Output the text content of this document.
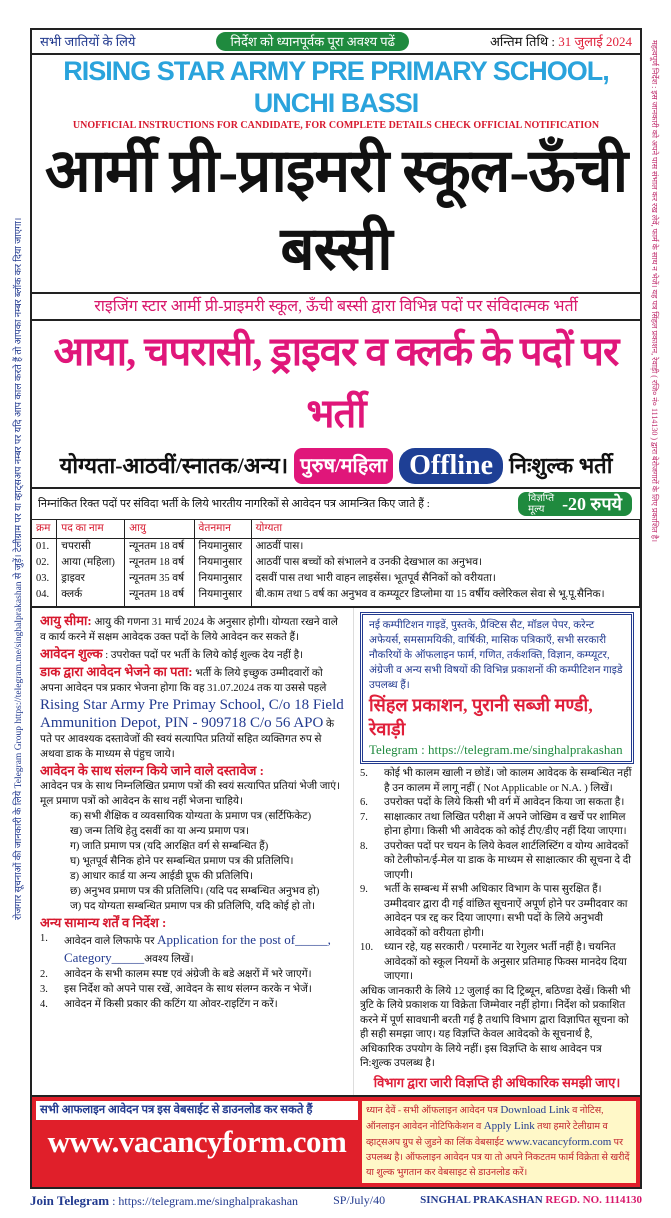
रोजगार सूचनाओं की जानकारी के लिये Telegram Group https://telegram.me/singhalprakashan से जुड़ें। टेलीग्राम पर या व्हाट्सअप नम्बर पर यदि आप काल करते हैं तो आपका नम्बर ब्लॉक कर दिया जाएगा।	महत्वपूर्ण निर्देश : इस जानकारी को अपने पास संभाल कर रख लेवें, फार्म के साथ न भेजें। यह पत्र सिंहल प्रकाशन, रेवाड़ी ( रजि० नं० 1114130 ) द्वारा बेरोजगारों के लिए प्रकाशित है।
सभी जातियों के लिये	निर्देश को ध्यानपूर्वक पूरा अवश्य पढें	अन्तिम तिथि : 31 जुलाई 2024
RISING STAR ARMY PRE PRIMARY SCHOOL, UNCHI BASSI
UNOFFICIAL INSTRUCTIONS FOR CANDIDATE, FOR COMPLETE DETAILS CHECK OFFICIAL NOTIFICATION
आर्मी प्री-प्राइमरी स्कूल-ऊँची बस्सी
राइजिंग स्टार आर्मी प्री-प्राइमरी स्कूल, ऊँची बस्सी द्वारा विभिन्न पदों पर संविदात्मक भर्ती
आया, चपरासी, ड्राइवर व क्लर्क के पदों पर भर्ती
योग्यता-आठवीं/स्नातक/अन्य। पुरुष/महिला Offline निःशुल्क भर्ती
निम्नांकित रिक्त पदों पर संविदा भर्ती के लिये भारतीय नागरिकों से आवेदन पत्र आमन्त्रित किए जाते हैं :	विज्ञप्ति
मूल्य -20 रुपये
क्रम	पद का नाम	आयु	वेतनमान	योग्यता
01.	चपरासी	न्यूनतम 18 वर्ष	नियमानुसार	आठवीं पास।
02.	आया (महिला)	न्यूनतम 18 वर्ष	नियमानुसार	आठवीं पास बच्चों को संभालने व उनकी देखभाल का अनुभव।
03.	ड्राइवर	न्यूनतम 35 वर्ष	नियमानुसार	दसवीं पास तथा भारी वाहन लाइसेंस। भूतपूर्व सैनिकों को वरीयता।
04.	क्लर्क	न्यूनतम 18 वर्ष	नियमानुसार	बी.काम तथा 5 वर्ष का अनुभव व कम्प्यूटर डिप्लोमा या 15 वर्षीय क्लेरिकल सेवा से भू.पू.सैनिक।

आयु सीमा: आयु की गणना 31 मार्च 2024 के अनुसार होगी। योग्यता रखने वाले व कार्य करने में सक्षम आवेदक उक्त पदों के लिये आवेदन कर सकते हैं।

आवेदन शुल्क : उपरोक्त पदों पर भर्ती के लिये कोई शुल्क देय नहीं है।

डाक द्वारा आवेदन भेजने का पता: भर्ती के लिये इच्छुक उम्मीदवारों को अपना आवेदन पत्र प्रकार भेजना होगा कि वह 31.07.2024 तक या उससे पहले Rising Star Army Pre Primay School, C/o 18 Field Ammunition Depot, PIN - 909718 C/o 56 APO के पते पर आवश्यक दस्तावेजों की स्वयं सत्यापित प्रतियों सहित व्यक्तिगत रुप से अथवा डाक के माध्यम से पंहुच जाये।

आवेदन के साथ संलग्न किये जाने वाले दस्तावेज :

आवेदन पत्र के साथ निम्नलिखित प्रमाण पत्रों की स्वयं सत्यापित प्रतियां भेजी जाएं। मूल प्रमाण पत्रों को आवेदन के साथ नहीं भेजना चाहिये।

क) सभी शैक्षिक व व्यवसायिक योग्यता के प्रमाण पत्र (सर्टिफिकेट)
ख) जन्म तिथि हेतु दसवीं का या अन्य प्रमाण पत्र।
ग) जाति प्रमाण पत्र (यदि आरक्षित वर्ग से सम्बन्धित हैं)
घ) भूतपूर्व सैनिक होने पर सम्बन्धित प्रमाण पत्र की प्रतिलिपि।
ड) आधार कार्ड या अन्य आईडी प्रूफ की प्रतिलिपि।
छ) अनुभव प्रमाण पत्र की प्रतिलिपि। (यदि पद सम्बन्धित अनुभव हो)
ज) पद योग्यता सम्बन्धित प्रमाण पत्र की प्रतिलिपि, यदि कोई हो तो।

अन्य सामान्य शर्तें व निर्देश :

1.	आवेदन वाले लिफाफे पर Application for the post of_____, Category_____अवश्य लिखें।
2.	आवेदन के सभी कालम स्पष्ट एवं अंग्रेजी के बडे अक्षरों में भरे जाएगें।
3.	इस निर्देश को अपने पास रखें, आवेदन के साथ संलग्न करके न भेजें।
4.	आवेदन में किसी प्रकार की कटिंग या ओवर-राइटिंग न करें।
नई कम्पीटिशन गाइडें, पुस्तके, प्रैक्टिस सैट, मॉडल पेपर, करेन्ट अफेयर्स, समसामयिकी, वार्षिकी, मासिक पत्रिकाएँ, सभी सरकारी नौकरियों के ऑफलाइन फार्म, गणित, तर्कशक्ति, विज्ञान, कम्प्यूटर, अंग्रेजी व अन्य सभी विषयों की विभिन्न प्रकाशनों की कम्पीटिशन गाइडे उपलब्ध हैं।
सिंहल प्रकाशन, पुरानी सब्जी मण्डी, रेवाड़ी
Telegram : https://telegram.me/singhalprakashan
5.	कोई भी कालम खाली न छोडें। जो कालम आवेदक के सम्बन्धित नहीं है उन कालम में लागू नहीं ( Not Applicable or N.A. ) लिखें।
6.	उपरोक्त पदों के लिये किसी भी वर्ग में आवेदन किया जा सकता है।
7.	साक्षात्कार तथा लिखित परीक्षा में अपने जोखिम व खर्चे पर शामिल होना होगा। किसी भी आवेदक को कोई टीए/डीए नहीं दिया जाएगा।
8.	उपरोक्त पदों पर चयन के लिये केवल शार्टलिस्टिंग व योग्य आवेदकों को टेलीफोन/ई-मेल या डाक के माध्यम से साक्षात्कार की सूचना दे दी जाएगी।
9.	भर्ती के सम्बन्ध में सभी अधिकार विभाग के पास सुरक्षित हैं। उम्मीदवार द्वारा दी गई वांछित सूचनाऐं अपूर्ण होने पर उम्मीदवार का आवेदन पत्र रद्द कर दिया जाएगा। सभी पदों के लिये अनुभवी आवेदकों को वरीयता होगी।
10. ध्यान रहे, यह सरकारी / परमानेंट या रेगुलर भर्ती नहीं है। चयनित आवेदकों को स्कूल नियमों के अनुसार प्रतिमाह फिक्स मानदेय दिया जाएगा।

अधिक जानकारी के लिये 12 जुलाई का दि ट्रिब्यून, बठिण्डा देखें। किसी भी त्रुटि के लिये प्रकाशक या विक्रेता जिम्मेवार नहीं होगा। निर्देश को प्रकाशित करने में पूर्ण सावधानी बरती गई है तथापि विभाग द्वारा विज्ञापित सूचना को ही सही समझा जाए। यह विज्ञप्ति केवल आवेदको के सूचनार्थ है, अधिकारिक उपयोग के लिये नहीं। इस विज्ञप्ति के साथ आवेदन पत्र नि:शुल्क उपलब्ध है।

विभाग द्वारा जारी विज्ञप्ति ही अधिकारिक समझी जाए।

सभी आफलाइन आवेदन पत्र इस वेबसाईट से डाउनलोड कर सकते हैं
www.vacancyform.com
ध्यान देवें - सभी ऑफलाइन आवेदन पत्र Download Link व नोटिस, ऑनलाइन आवेदन नोटिफिकेशन व Apply Link तथा हमारे टेलीग्राम व व्हाट्सअप ग्रुप से जुडने का लिंक वेबसाईट www.vacancyform.com पर उपलब्ध है। ऑफलाइन आवेदन पत्र या तो अपने निकटतम फार्म विक्रेता से खरीदें या शुल्क भुगतान कर वेबसाइट से डाउनलोड करें।
Join Telegram : https://telegram.me/singhalprakashan	SP/July/40	SINGHAL PRAKASHAN REGD. NO. 1114130
